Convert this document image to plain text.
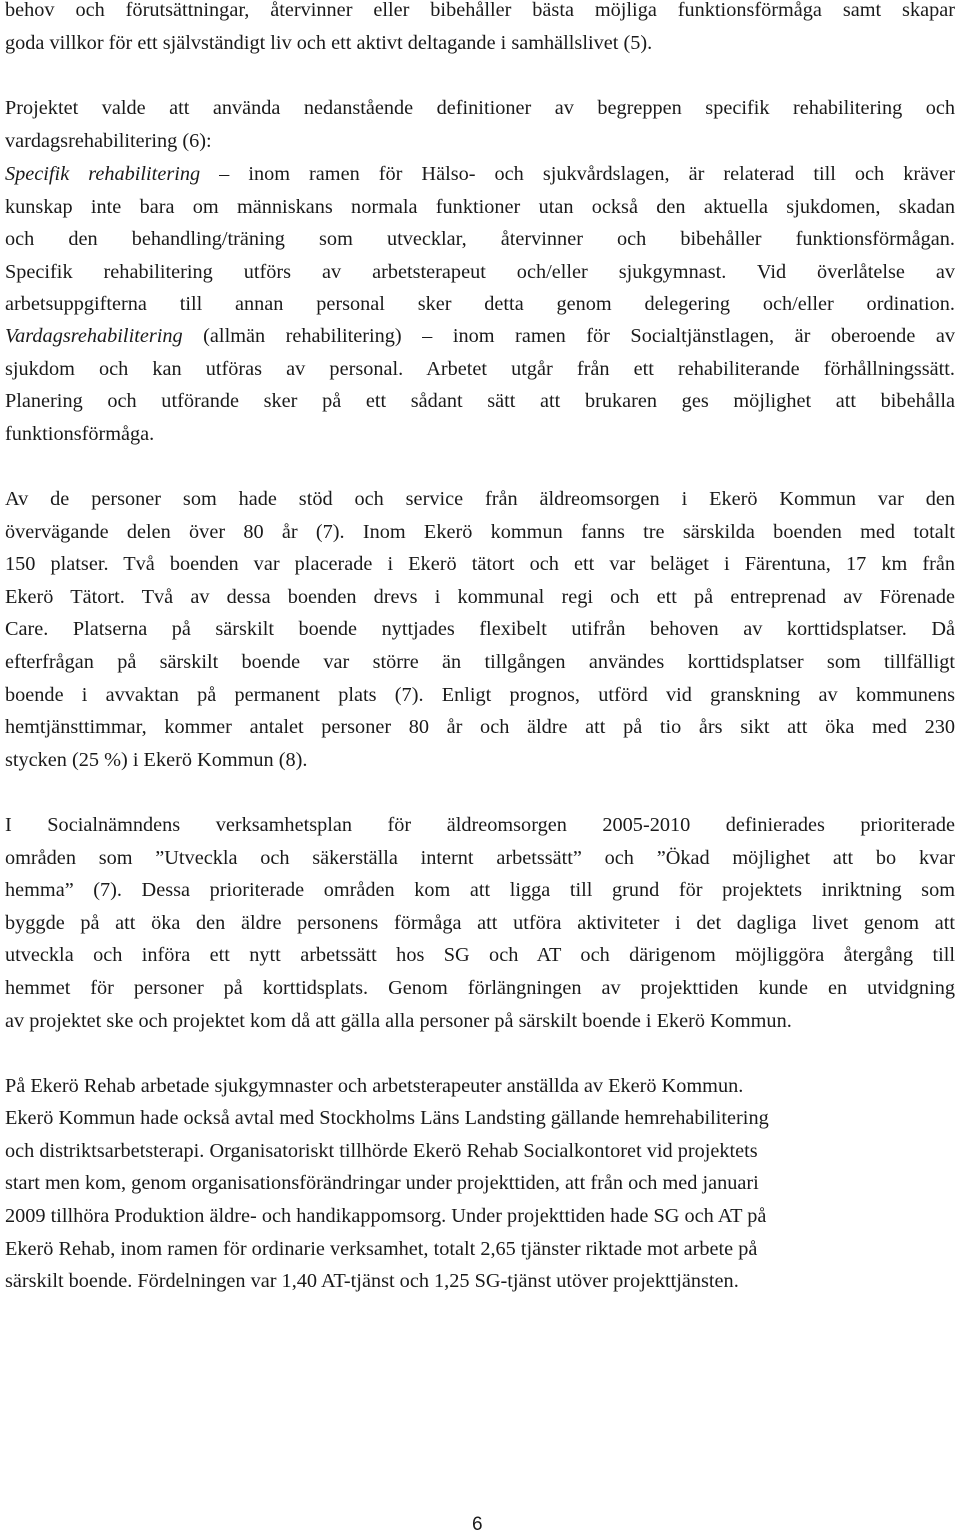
behov och förutsättningar, återvinner eller bibehåller bästa möjliga funktionsförmåga samt skapar
goda villkor för ett självständigt liv och ett aktivt deltagande i samhällslivet (5).
Projektet valde att använda nedanstående definitioner av begreppen specifik rehabilitering och
vardagsrehabilitering (6):
Specifik rehabilitering – inom ramen för Hälso- och sjukvårdslagen, är relaterad till och kräver
kunskap inte bara om människans normala funktioner utan också den aktuella sjukdomen, skadan
och den behandling/träning som utvecklar, återvinner och bibehåller funktionsförmågan.
Specifik rehabilitering utförs av arbetsterapeut och/eller sjukgymnast. Vid överlåtelse av
arbetsuppgifterna till annan personal sker detta genom delegering och/eller ordination.
Vardagsrehabilitering (allmän rehabilitering) – inom ramen för Socialtjänstlagen, är oberoende av
sjukdom och kan utföras av personal. Arbetet utgår från ett rehabiliterande förhållningssätt.
Planering och utförande sker på ett sådant sätt att brukaren ges möjlighet att bibehålla
funktionsförmåga.
Av de personer som hade stöd och service från äldreomsorgen i Ekerö Kommun var den
övervägande delen över 80 år (7). Inom Ekerö kommun fanns tre särskilda boenden med totalt
150 platser. Två boenden var placerade i Ekerö tätort och ett var beläget i Färentuna, 17 km från
Ekerö Tätort. Två av dessa boenden drevs i kommunal regi och ett på entreprenad av Förenade
Care. Platserna på särskilt boende nyttjades flexibelt utifrån behoven av korttidsplatser. Då
efterfrågan på särskilt boende var större än tillgången användes korttidsplatser som tillfälligt
boende i avvaktan på permanent plats (7). Enligt prognos, utförd vid granskning av kommunens
hemtjänsttimmar, kommer antalet personer 80 år och äldre att på tio års sikt att öka med 230
stycken (25 %) i Ekerö Kommun (8).
I Socialnämndens verksamhetsplan för äldreomsorgen 2005-2010 definierades prioriterade
områden som ”Utveckla och säkerställa internt arbetssätt” och ”Ökad möjlighet att bo kvar
hemma” (7). Dessa prioriterade områden kom att ligga till grund för projektets inriktning som
byggde på att öka den äldre personens förmåga att utföra aktiviteter i det dagliga livet genom att
utveckla och införa ett nytt arbetssätt hos SG och AT och därigenom möjliggöra återgång till
hemmet för personer på korttidsplats. Genom förlängningen av projekttiden kunde en utvidgning
av projektet ske och projektet kom då att gälla alla personer på särskilt boende i Ekerö Kommun.
På Ekerö Rehab arbetade sjukgymnaster och arbetsterapeuter anställda av Ekerö Kommun.
Ekerö Kommun hade också avtal med Stockholms Läns Landsting gällande hemrehabilitering
och distriktsarbetsterapi. Organisatoriskt tillhörde Ekerö Rehab Socialkontoret vid projektets
start men kom, genom organisationsförändringar under projekttiden, att från och med januari
2009 tillhöra Produktion äldre- och handikappomsorg. Under projekttiden hade SG och AT på
Ekerö Rehab, inom ramen för ordinarie verksamhet, totalt 2,65 tjänster riktade mot arbete på
särskilt boende. Fördelningen var 1,40 AT-tjänst och 1,25 SG-tjänst utöver projekttjänsten.
6
